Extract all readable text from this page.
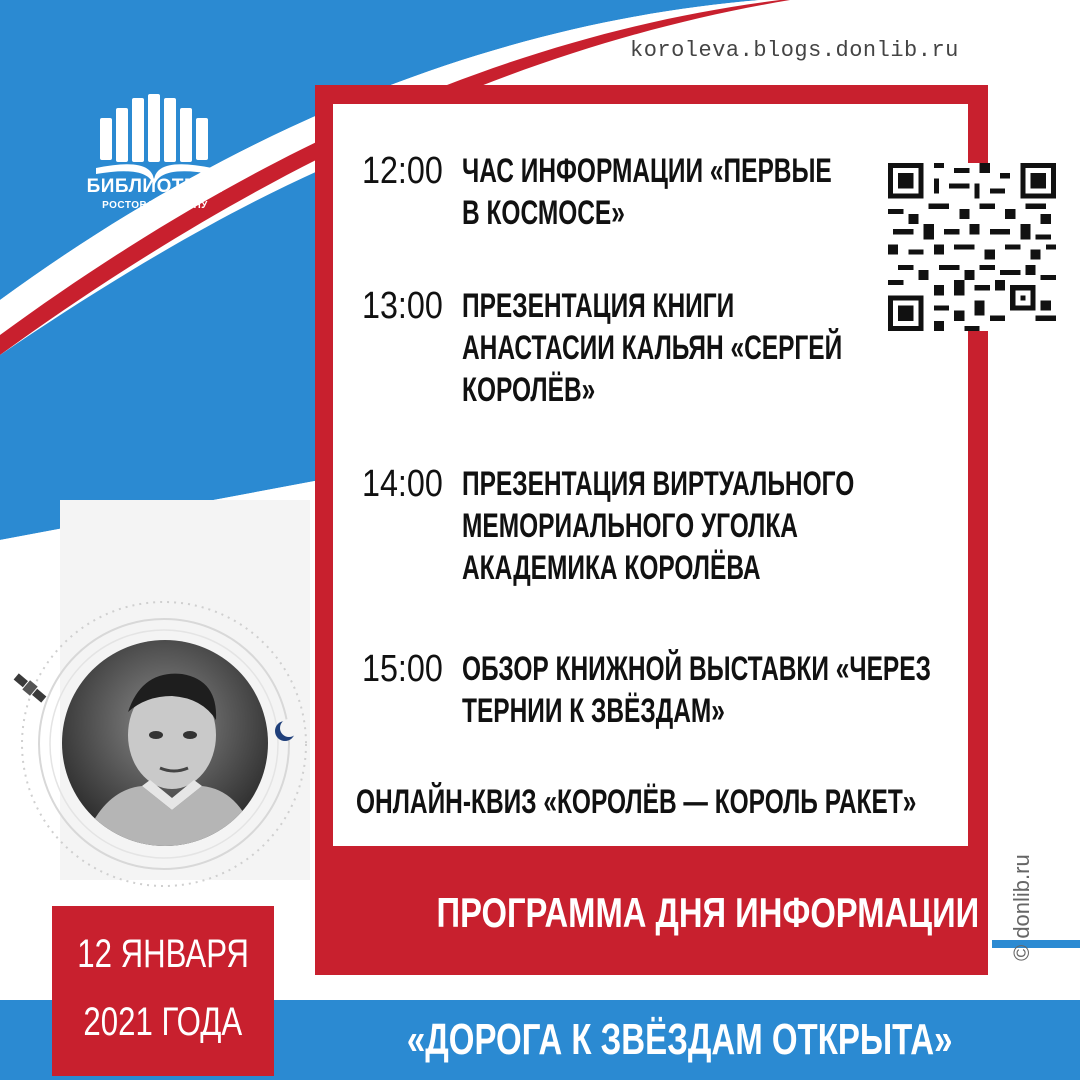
koroleva.blogs.donlib.ru
БИБЛИОТЕКИ
РОСТОВА-НА-ДОНУ
12:00 ЧАС ИНФОРМАЦИИ «ПЕРВЫЕ В КОСМОСЕ»
13:00 ПРЕЗЕНТАЦИЯ КНИГИ АНАСТАСИИ КАЛЬЯН «СЕРГЕЙ КОРОЛЁВ»
14:00 ПРЕЗЕНТАЦИЯ ВИРТУАЛЬНОГО МЕМОРИАЛЬНОГО УГОЛКА АКАДЕМИКА КОРОЛЁВА
15:00 ОБЗОР КНИЖНОЙ ВЫСТАВКИ «ЧЕРЕЗ ТЕРНИИ К ЗВЁЗДАМ»
ОНЛАЙН-КВИЗ «КОРОЛЁВ — КОРОЛЬ РАКЕТ»
ПРОГРАММА ДНЯ ИНФОРМАЦИИ
«ДОРОГА К ЗВЁЗДАМ ОТКРЫТА»
12 ЯНВАРЯ
2021 ГОДА
© donlib.ru
